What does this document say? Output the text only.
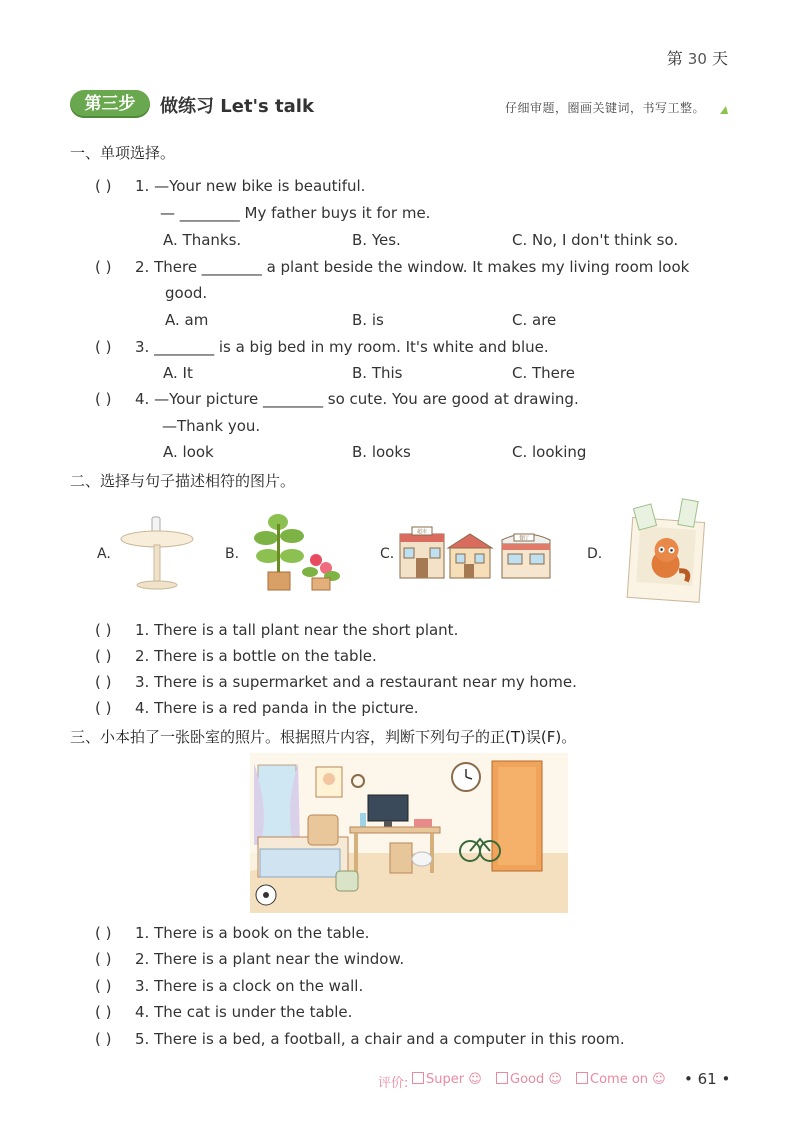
第 30 天
第三步	做练习 Let's talk	仔细审题，圈画关键词，书写工整。
一、单项选择。
( ) 1. —Your new bike is beautiful.
— ________ My father buys it for me.
A. Thanks.	B. Yes.	C. No, I don't think so.
( ) 2. There ________ a plant beside the window. It makes my living room look
good.
A. am	B. is	C. are
( ) 3. ________ is a big bed in my room. It's white and blue.
A. It	B. This	C. There
( ) 4. —Your picture ________ so cute. You are good at drawing.
—Thank you.
A. look	B. looks	C. looking
二、选择与句子描述相符的图片。
A.	B.	C.
超市
餐厅
D.
( ) 1. There is a tall plant near the short plant.
( ) 2. There is a bottle on the table.
( ) 3. There is a supermarket and a restaurant near my home.
( ) 4. There is a red panda in the picture.
三、小本拍了一张卧室的照片。根据照片内容，判断下列句子的正(T)误(F)。
( ) 1. There is a book on the table.
( ) 2. There is a plant near the window.
( ) 3. There is a clock on the wall.
( ) 4. The cat is under the table.
( ) 5. There is a bed, a football, a chair and a computer in this room.
评价:	Super ☺	Good ☺	Come on ☺ • 61 •
